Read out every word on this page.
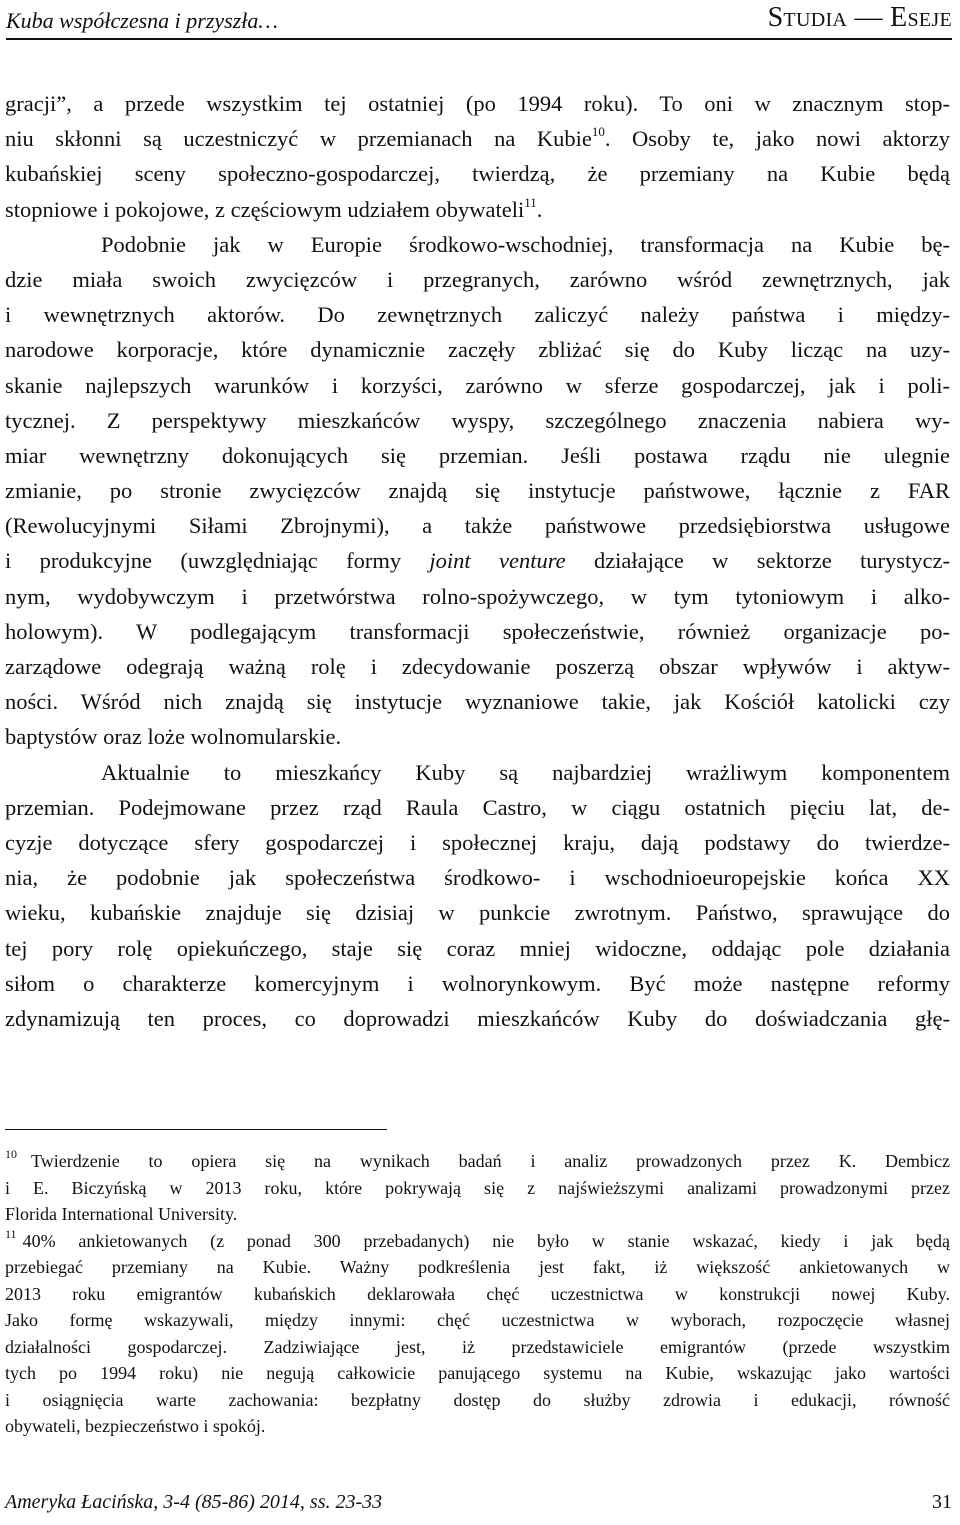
Kuba współczesna i przyszła…	Studia — Eseje
gracji”, a przede wszystkim tej ostatniej (po 1994 roku). To oni w znacznym stop-
niu skłonni są uczestniczyć w przemianach na Kubie$^{10}$. Osoby te, jako nowi aktorzy
kubańskiej sceny społeczno-gospodarczej, twierdzą, że przemiany na Kubie będą
stopniowe i pokojowe, z częściowym udziałem obywateli$^{11}$.
Podobnie jak w Europie środkowo-wschodniej, transformacja na Kubie bę-
dzie miała swoich zwycięzców i przegranych, zarówno wśród zewnętrznych, jak
i wewnętrznych aktorów. Do zewnętrznych zaliczyć należy państwa i między-
narodowe korporacje, które dynamicznie zaczęły zbliżać się do Kuby licząc na uzy-
skanie najlepszych warunków i korzyści, zarówno w sferze gospodarczej, jak i poli-
tycznej. Z perspektywy mieszkańców wyspy, szczególnego znaczenia nabiera wy-
miar wewnętrzny dokonujących się przemian. Jeśli postawa rządu nie ulegnie
zmianie, po stronie zwycięzców znajdą się instytucje państwowe, łącznie z FAR
(Rewolucyjnymi Siłami Zbrojnymi), a także państwowe przedsiębiorstwa usługowe
i produkcyjne (uwzględniając formy joint venture działające w sektorze turystycz-
nym, wydobywczym i przetwórstwa rolno-spożywczego, w tym tytoniowym i alko-
holowym). W podlegającym transformacji społeczeństwie, również organizacje po-
zarządowe odegrają ważną rolę i zdecydowanie poszerzą obszar wpływów i aktyw-
ności. Wśród nich znajdą się instytucje wyznaniowe takie, jak Kościół katolicki czy
baptystów oraz loże wolnomularskie.
Aktualnie to mieszkańcy Kuby są najbardziej wrażliwym komponentem
przemian. Podejmowane przez rząd Raula Castro, w ciągu ostatnich pięciu lat, de-
cyzje dotyczące sfery gospodarczej i społecznej kraju, dają podstawy do twierdze-
nia, że podobnie jak społeczeństwa środkowo- i wschodnioeuropejskie końca XX
wieku, kubańskie znajduje się dzisiaj w punkcie zwrotnym. Państwo, sprawujące do
tej pory rolę opiekuńczego, staje się coraz mniej widoczne, oddając pole działania
siłom o charakterze komercyjnym i wolnorynkowym. Być może następne reformy
zdynamizują ten proces, co doprowadzi mieszkańców Kuby do doświadczania głę-
$^{10}$ Twierdzenie to opiera się na wynikach badań i analiz prowadzonych przez K. Dembicz
i E. Biczyńską w 2013 roku, które pokrywają się z najświeższymi analizami prowadzonymi przez
Florida International University.
$^{11}$ 40% ankietowanych (z ponad 300 przebadanych) nie było w stanie wskazać, kiedy i jak będą
przebiegać przemiany na Kubie. Ważny podkreślenia jest fakt, iż większość ankietowanych w
2013 roku emigrantów kubańskich deklarowała chęć uczestnictwa w konstrukcji nowej Kuby.
Jako formę wskazywali, między innymi: chęć uczestnictwa w wyborach, rozpoczęcie własnej
działalności gospodarczej. Zadziwiające jest, iż przedstawiciele emigrantów (przede wszystkim
tych po 1994 roku) nie negują całkowicie panującego systemu na Kubie, wskazując jako wartości
i osiągnięcia warte zachowania: bezpłatny dostęp do służby zdrowia i edukacji, równość
obywateli, bezpieczeństwo i spokój.
Ameryka Łacińska, 3-4 (85-86) 2014, ss. 23-33	31
